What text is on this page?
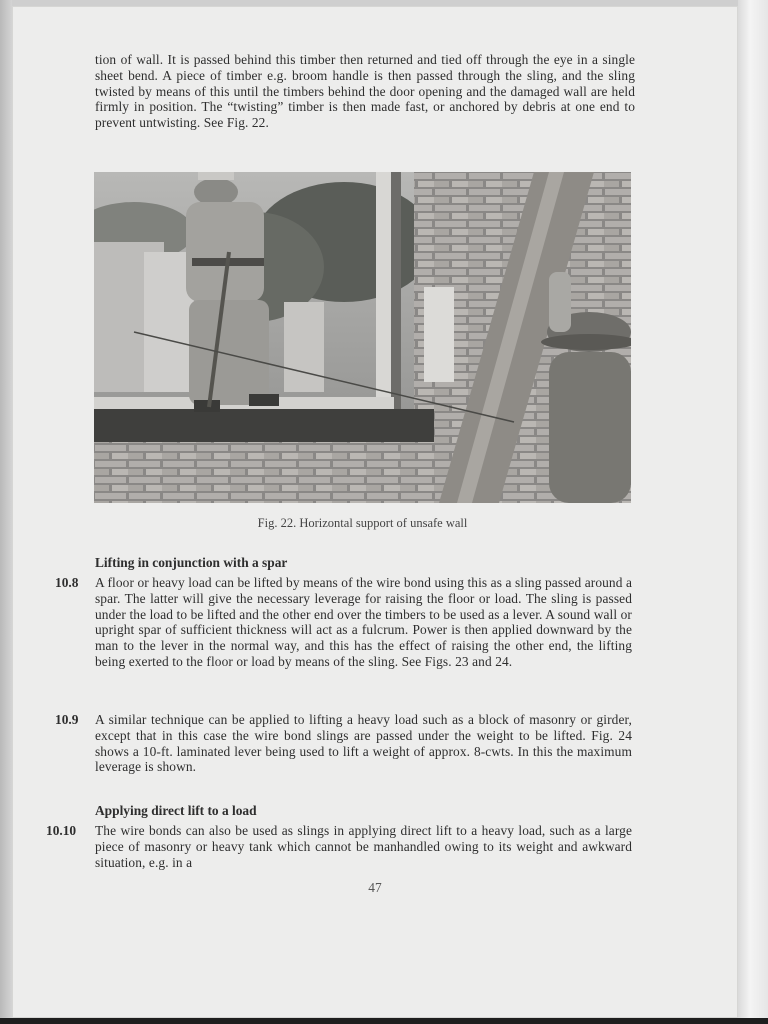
tion of wall. It is passed behind this timber then returned and tied off through the eye in a single sheet bend. A piece of timber e.g. broom handle is then passed through the sling, and the sling twisted by means of this until the timbers behind the door opening and the damaged wall are held firmly in position. The “twisting” timber is then made fast, or anchored by debris at one end to prevent untwisting. See Fig. 22.
Fig. 22. Horizontal support of unsafe wall
Lifting in conjunction with a spar
10.8 A floor or heavy load can be lifted by means of the wire bond using this as a sling passed around a spar. The latter will give the necessary leverage for raising the floor or load. The sling is passed under the load to be lifted and the other end over the timbers to be used as a lever. A sound wall or upright spar of sufficient thickness will act as a fulcrum. Power is then applied downward by the man to the lever in the normal way, and this has the effect of raising the other end, the lifting being exerted to the floor or load by means of the sling. See Figs. 23 and 24.
10.9 A similar technique can be applied to lifting a heavy load such as a block of masonry or girder, except that in this case the wire bond slings are passed under the weight to be lifted. Fig. 24 shows a 10-ft. laminated lever being used to lift a weight of approx. 8-cwts. In this the maximum leverage is shown.
Applying direct lift to a load
10.10 The wire bonds can also be used as slings in applying direct lift to a heavy load, such as a large piece of masonry or heavy tank which cannot be manhandled owing to its weight and awkward situation, e.g. in a
47
